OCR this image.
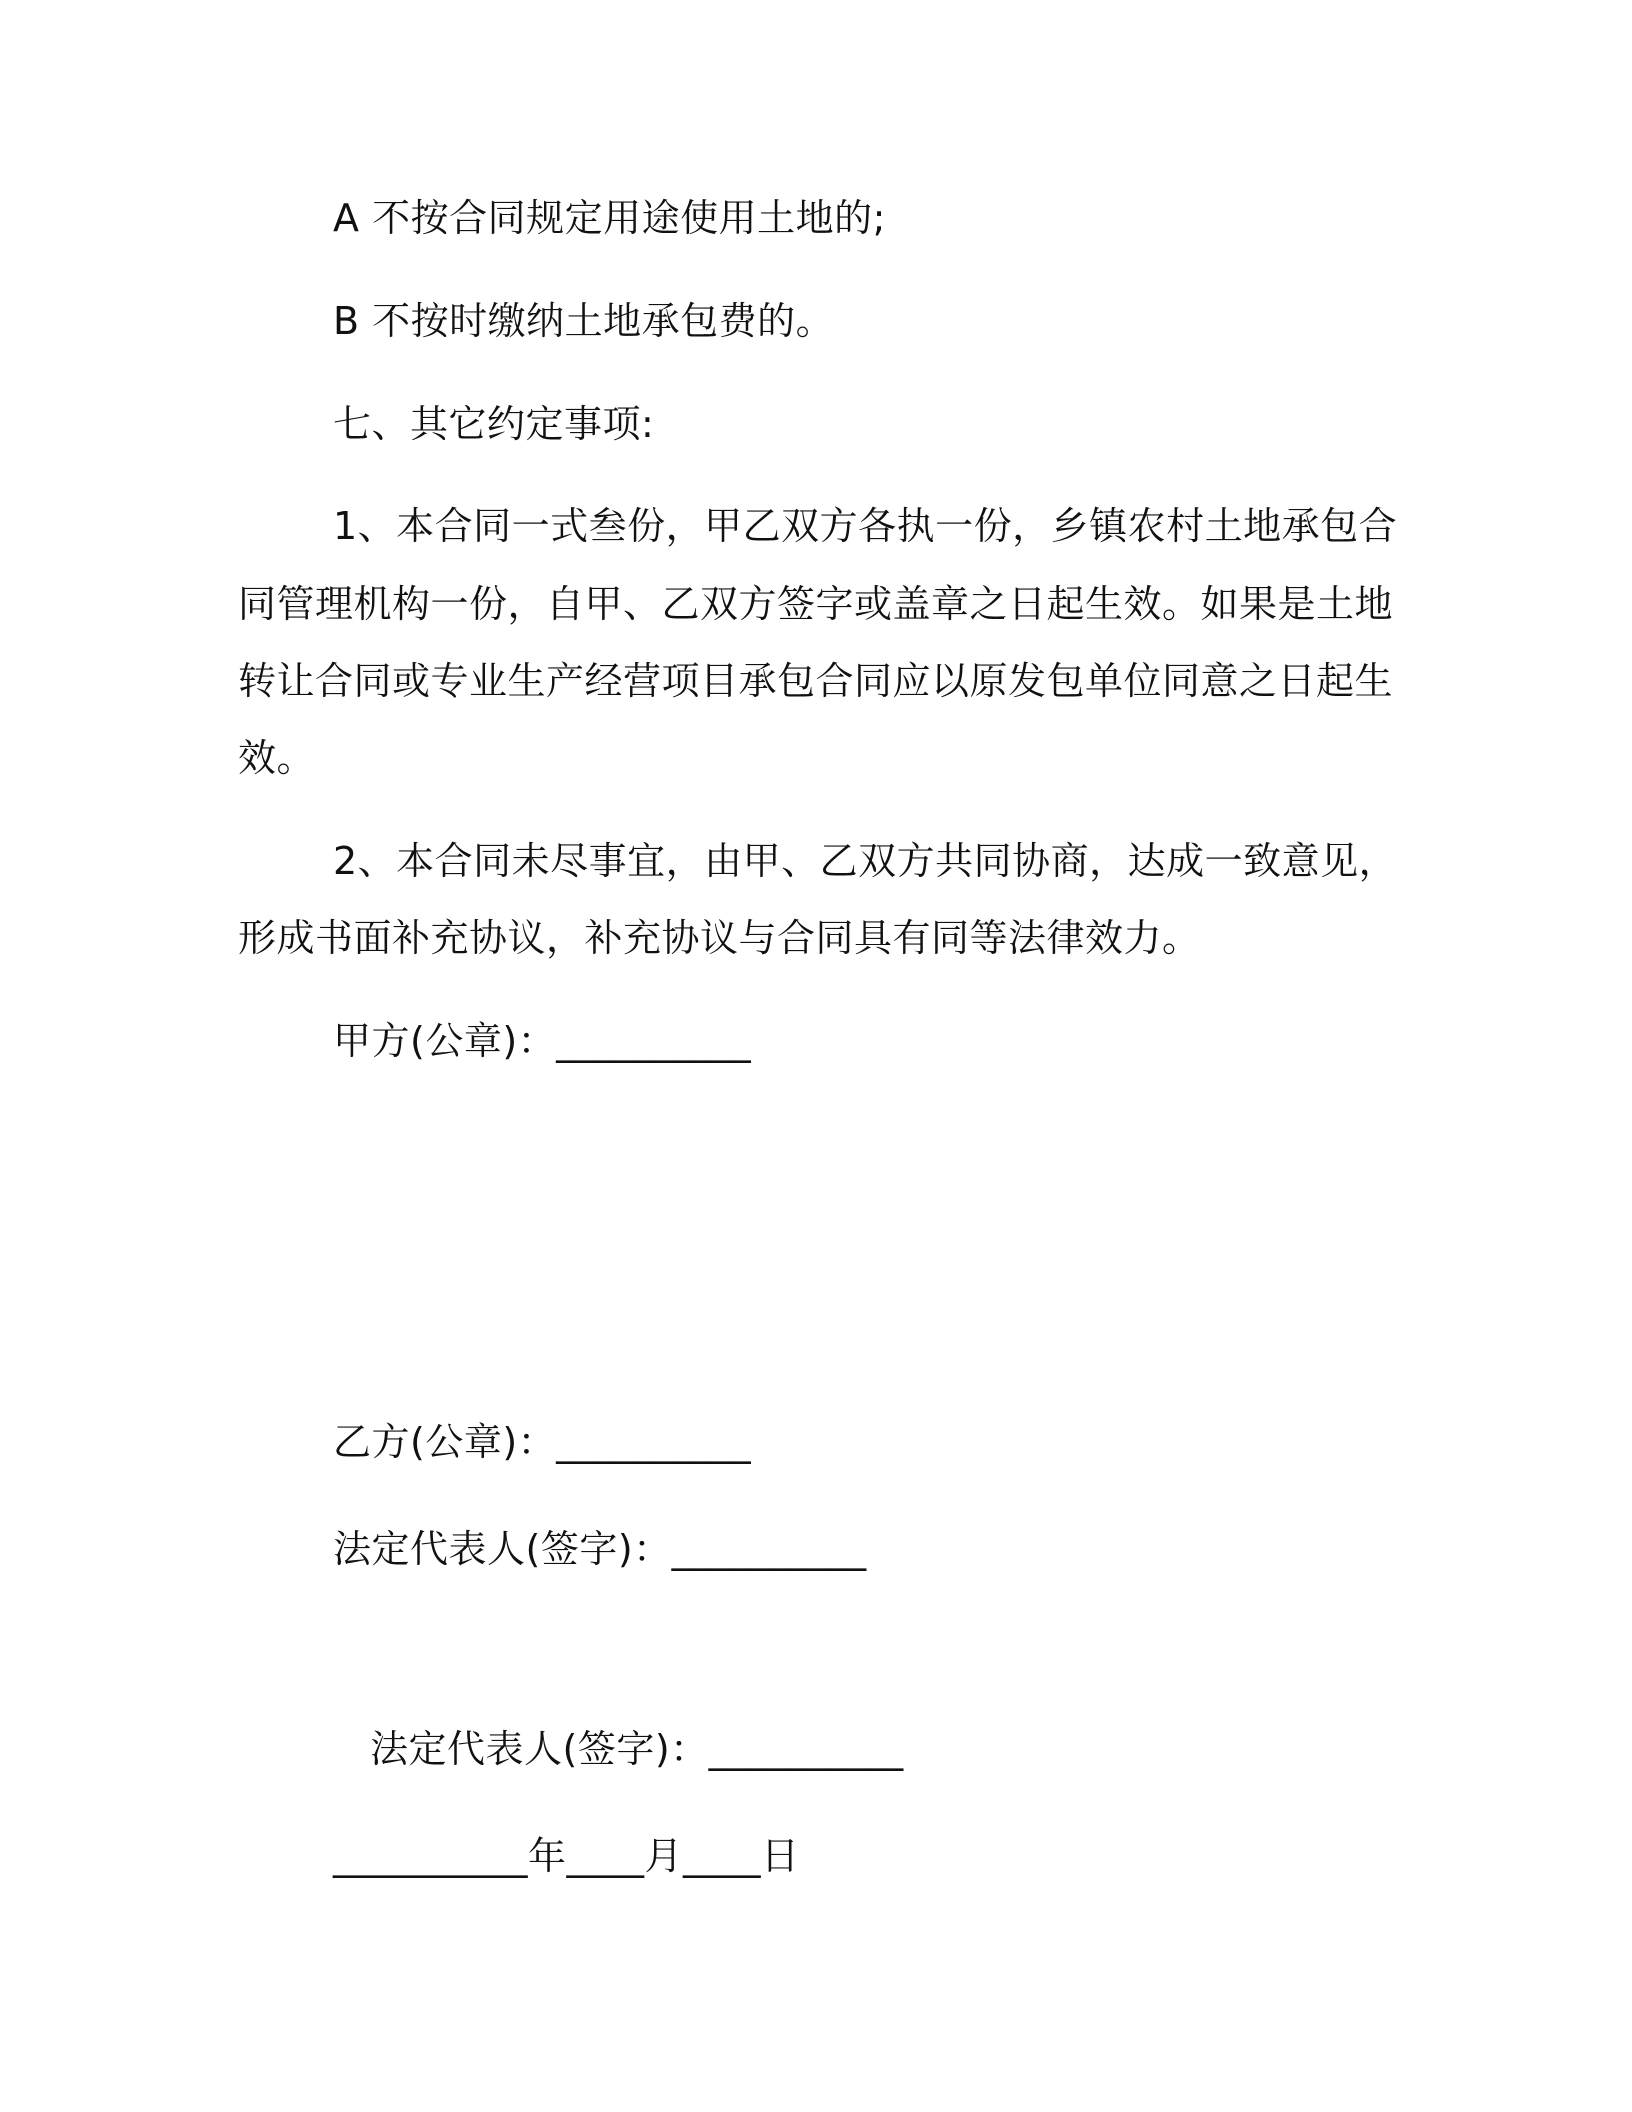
A 不按合同规定用途使用土地的;
B 不按时缴纳土地承包费的。
七、其它约定事项:
1、本合同一式叁份，甲乙双方各执一份，乡镇农村土地承包合
同管理机构一份，自甲、乙双方签字或盖章之日起生效。如果是土地
转让合同或专业生产经营项目承包合同应以原发包单位同意之日起生
效。
2、本合同未尽事宜，由甲、乙双方共同协商，达成一致意见，
形成书面补充协议，补充协议与合同具有同等法律效力。
甲方(公章)：__________
乙方(公章)：__________
法定代表人(签字)：__________
法定代表人(签字)：__________
__________年____月____日
